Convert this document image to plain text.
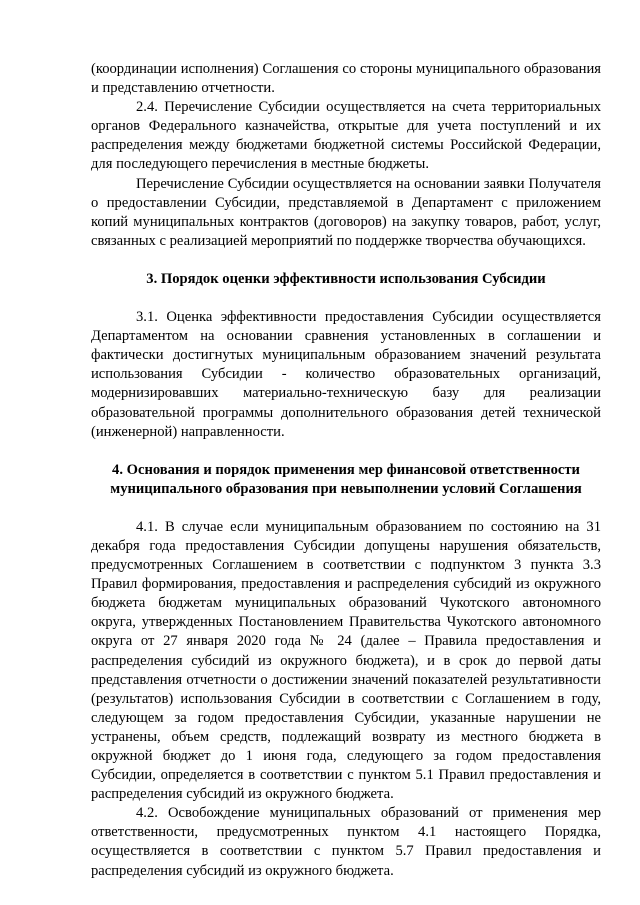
(координации исполнения) Соглашения со стороны муниципального образования и представлению отчетности.

2.4. Перечисление Субсидии осуществляется на счета территориальных органов Федерального казначейства, открытые для учета поступлений и их распределения между бюджетами бюджетной системы Российской Федерации, для последующего перечисления в местные бюджеты.

Перечисление Субсидии осуществляется на основании заявки Получателя о предоставлении Субсидии, представляемой в Департамент с приложением копий муниципальных контрактов (договоров) на закупку товаров, работ, услуг, связанных с реализацией мероприятий по поддержке творчества обучающихся.

3. Порядок оценки эффективности использования Субсидии

3.1. Оценка эффективности предоставления Субсидии осуществляется Департаментом на основании сравнения установленных в соглашении и фактически достигнутых муниципальным образованием значений результата использования Субсидии - количество образовательных организаций, модернизировавших материально-техническую базу для реализации образовательной программы дополнительного образования детей технической (инженерной) направленности.

4. Основания и порядок применения мер финансовой ответственности
муниципального образования при невыполнении условий Соглашения

4.1. В случае если муниципальным образованием по состоянию на 31 декабря года предоставления Субсидии допущены нарушения обязательств, предусмотренных Соглашением в соответствии с подпунктом 3 пункта 3.3 Правил формирования, предоставления и распределения субсидий из окружного бюджета бюджетам муниципальных образований Чукотского автономного округа, утвержденных Постановлением Правительства Чукотского автономного округа от 27 января 2020 года № 24 (далее – Правила предоставления и распределения субсидий из окружного бюджета), и в срок до первой даты представления отчетности о достижении значений показателей результативности (результатов) использования Субсидии в соответствии с Соглашением в году, следующем за годом предоставления Субсидии, указанные нарушении не устранены, объем средств, подлежащий возврату из местного бюджета в окружной бюджет до 1 июня года, следующего за годом предоставления Субсидии, определяется в соответствии с пунктом 5.1 Правил предоставления и распределения субсидий из окружного бюджета.

4.2. Освобождение муниципальных образований от применения мер ответственности, предусмотренных пунктом 4.1 настоящего Порядка, осуществляется в соответствии с пунктом 5.7 Правил предоставления и распределения субсидий из окружного бюджета.
